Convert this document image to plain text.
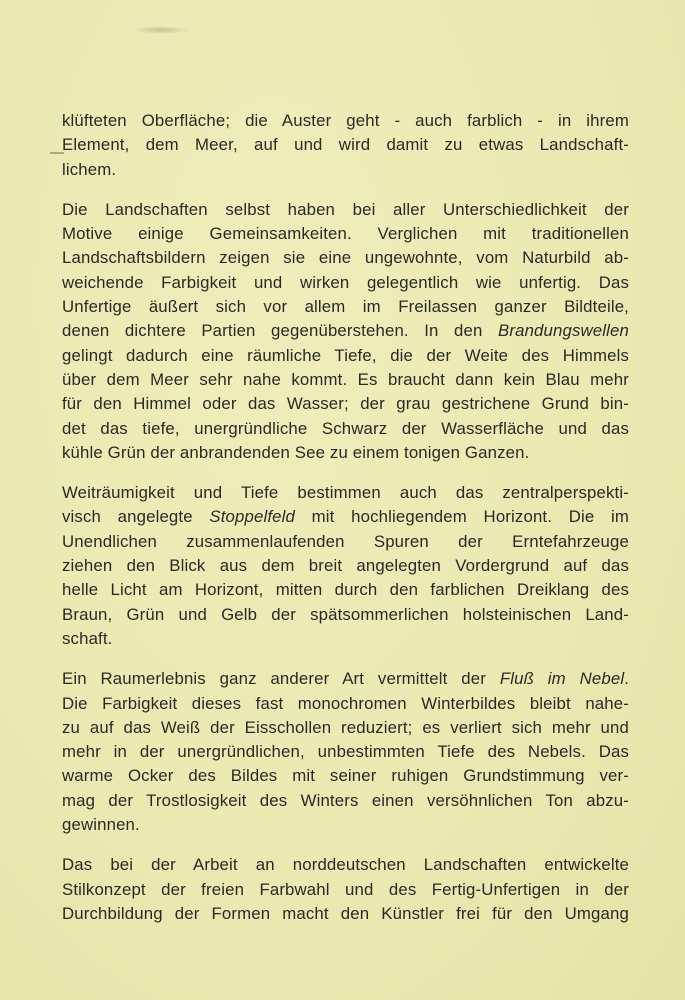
klüfteten Oberfläche; die Auster geht - auch farblich - in ihrem
Element, dem Meer, auf und wird damit zu etwas Landschaft-
lichem.
Die Landschaften selbst haben bei aller Unterschiedlichkeit der
Motive einige Gemeinsamkeiten. Verglichen mit traditionellen
Landschaftsbildern zeigen sie eine ungewohnte, vom Naturbild ab-
weichende Farbigkeit und wirken gelegentlich wie unfertig. Das
Unfertige äußert sich vor allem im Freilassen ganzer Bildteile,
denen dichtere Partien gegenüberstehen. In den Brandungswellen
gelingt dadurch eine räumliche Tiefe, die der Weite des Himmels
über dem Meer sehr nahe kommt. Es braucht dann kein Blau mehr
für den Himmel oder das Wasser; der grau gestrichene Grund bin-
det das tiefe, unergründliche Schwarz der Wasserfläche und das
kühle Grün der anbrandenden See zu einem tonigen Ganzen.
Weiträumigkeit und Tiefe bestimmen auch das zentralperspekti-
visch angelegte Stoppelfeld mit hochliegendem Horizont. Die im
Unendlichen zusammenlaufenden Spuren der Erntefahrzeuge
ziehen den Blick aus dem breit angelegten Vordergrund auf das
helle Licht am Horizont, mitten durch den farblichen Dreiklang des
Braun, Grün und Gelb der spätsommerlichen holsteinischen Land-
schaft.
Ein Raumerlebnis ganz anderer Art vermittelt der Fluß im Nebel.
Die Farbigkeit dieses fast monochromen Winterbildes bleibt nahe-
zu auf das Weiß der Eisschollen reduziert; es verliert sich mehr und
mehr in der unergründlichen, unbestimmten Tiefe des Nebels. Das
warme Ocker des Bildes mit seiner ruhigen Grundstimmung ver-
mag der Trostlosigkeit des Winters einen versöhnlichen Ton abzu-
gewinnen.
Das bei der Arbeit an norddeutschen Landschaften entwickelte
Stilkonzept der freien Farbwahl und des Fertig-Unfertigen in der
Durchbildung der Formen macht den Künstler frei für den Umgang
